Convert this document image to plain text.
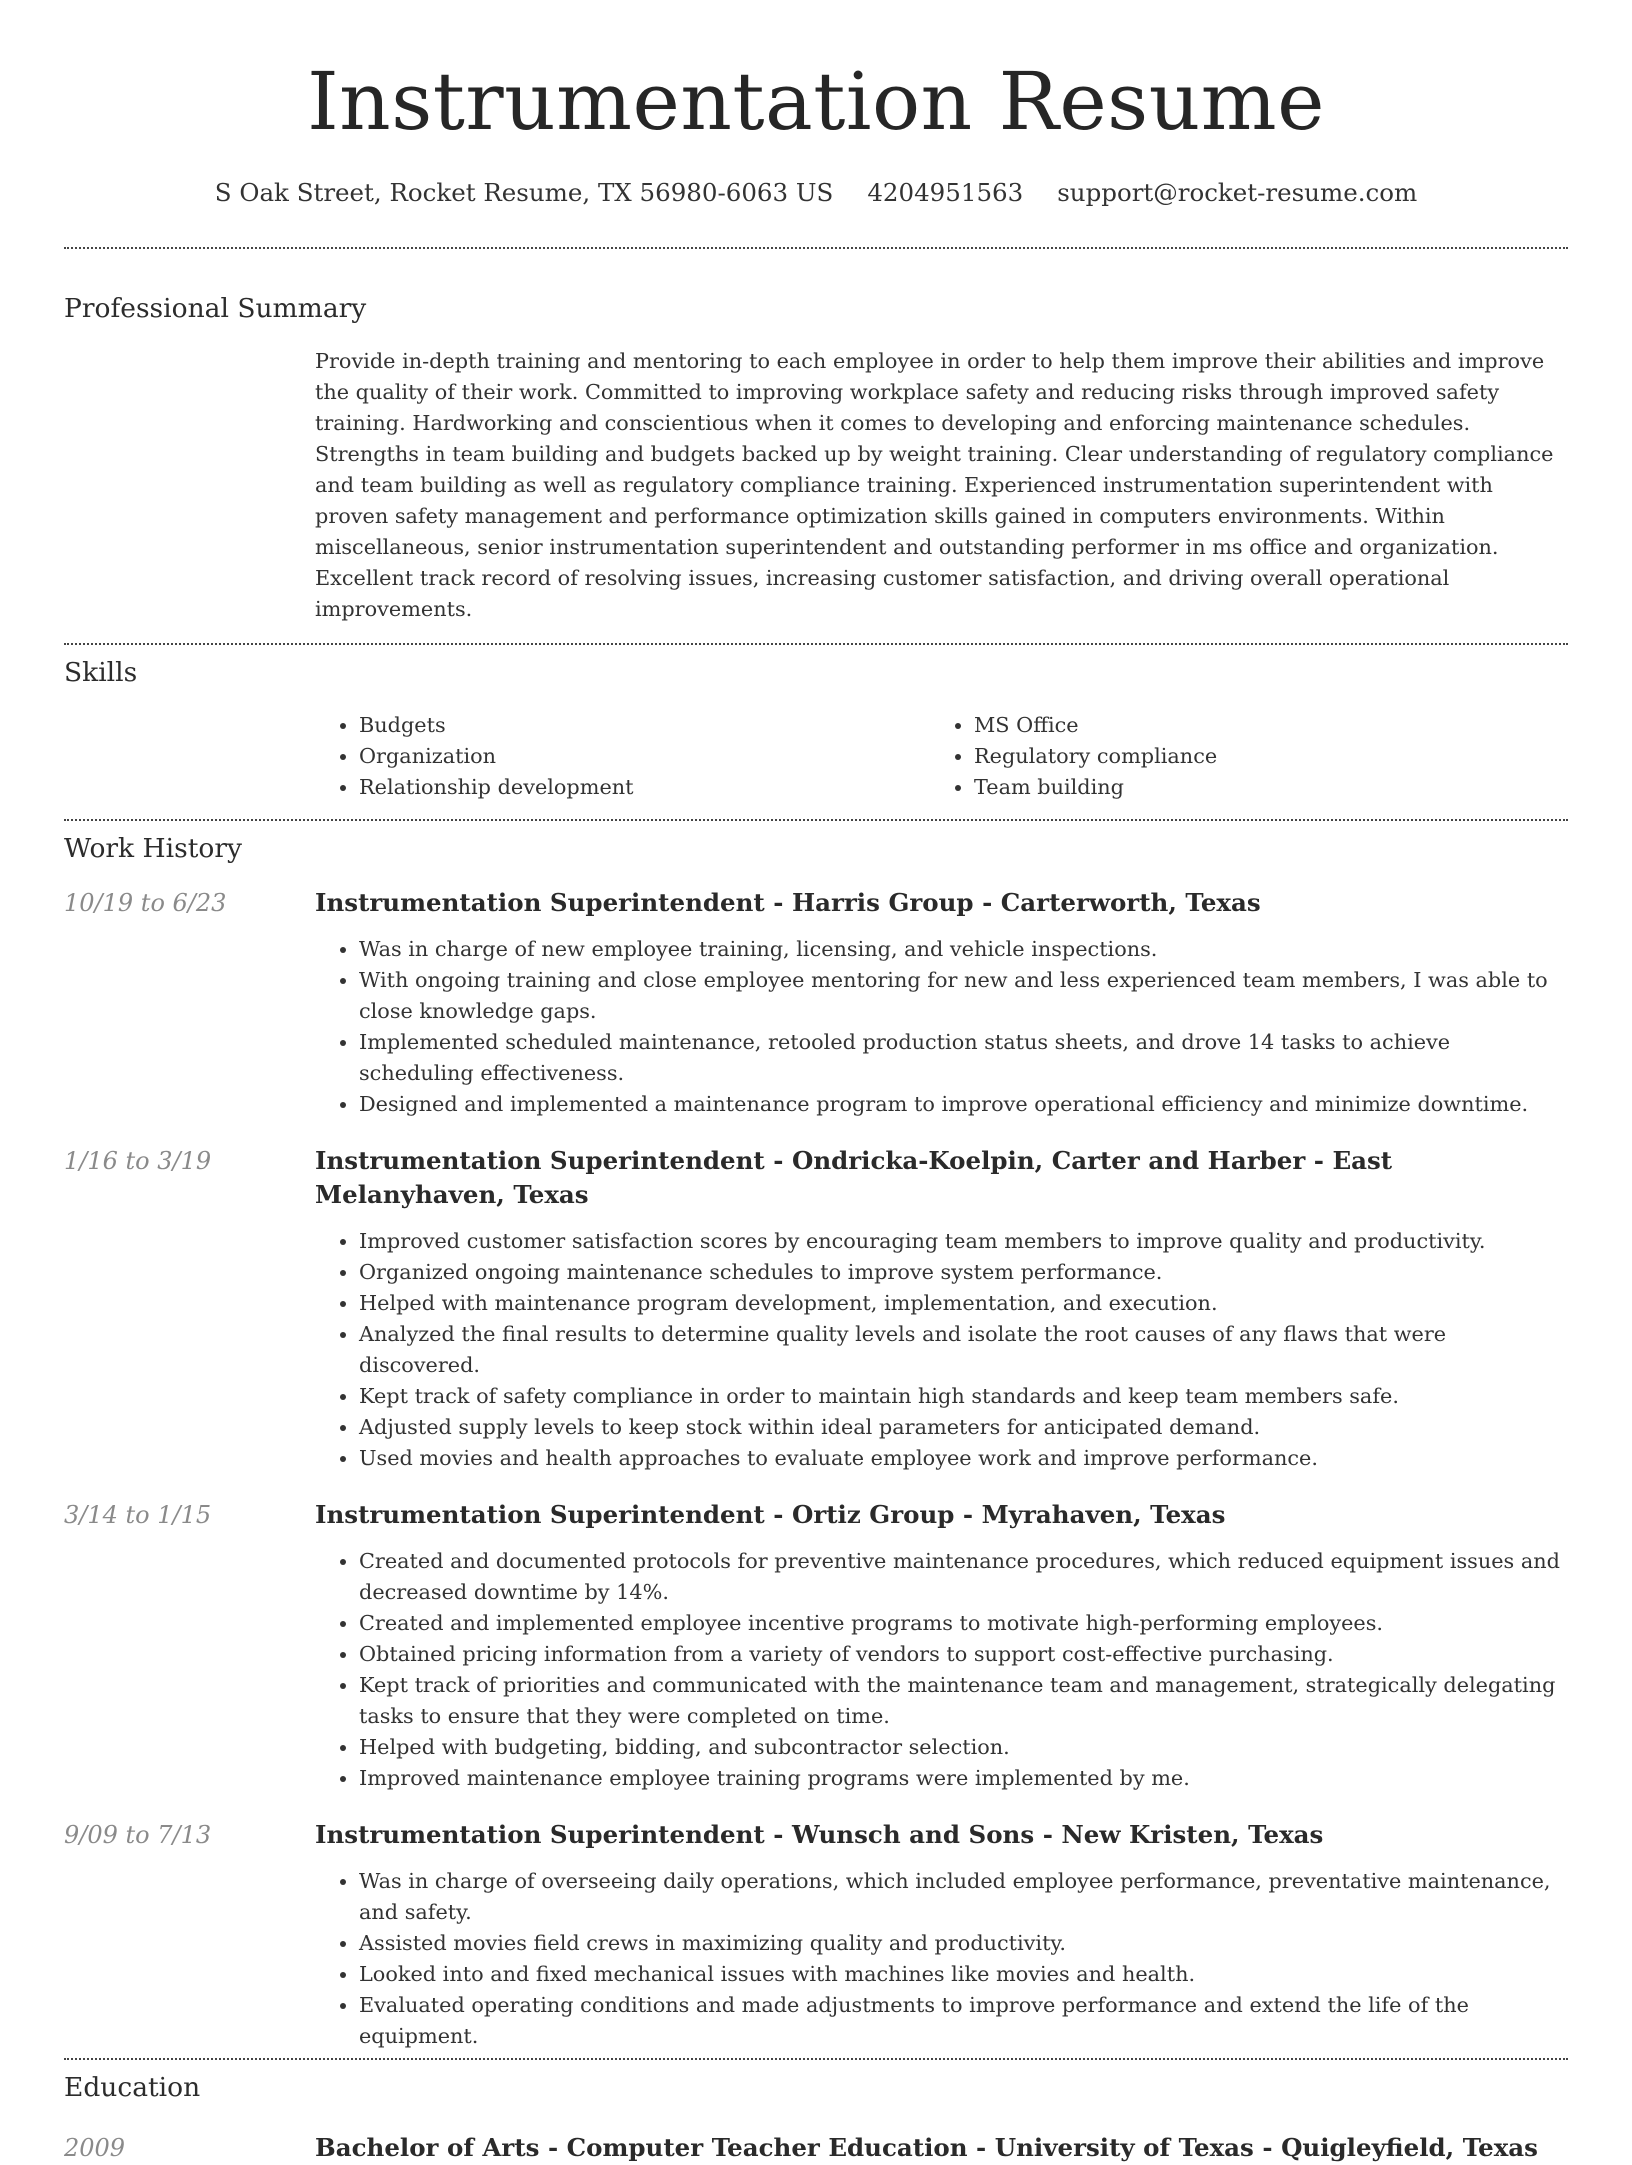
Instrumentation Resume
S Oak Street, Rocket Resume, TX 56980-6063 US 4204951563 support@rocket-resume.com
Professional Summary

Provide in-depth training and mentoring to each employee in order to help them improve their abilities and improve the quality of their work. Committed to improving workplace safety and reducing risks through improved safety training. Hardworking and conscientious when it comes to developing and enforcing maintenance schedules. Strengths in team building and budgets backed up by weight training. Clear understanding of regulatory compliance and team building as well as regulatory compliance training. Experienced instrumentation superintendent with proven safety management and performance optimization skills gained in computers environments. Within miscellaneous, senior instrumentation superintendent and outstanding performer in ms office and organization. Excellent track record of resolving issues, increasing customer satisfaction, and driving overall operational improvements.

Skills
• Budgets
• Organization
• Relationship development
• MS Office
• Regulatory compliance
• Team building
Work History
10/19 to 6/23	Instrumentation Superintendent - Harris Group - Carterworth, Texas
• Was in charge of new employee training, licensing, and vehicle inspections.
• With ongoing training and close employee mentoring for new and less experienced team members, I was able to close knowledge gaps.
• Implemented scheduled maintenance, retooled production status sheets, and drove 14 tasks to achieve scheduling effectiveness.
• Designed and implemented a maintenance program to improve operational efficiency and minimize downtime.
1/16 to 3/19	Instrumentation Superintendent - Ondricka-Koelpin, Carter and Harber - East Melanyhaven, Texas
• Improved customer satisfaction scores by encouraging team members to improve quality and productivity.
• Organized ongoing maintenance schedules to improve system performance.
• Helped with maintenance program development, implementation, and execution.
• Analyzed the final results to determine quality levels and isolate the root causes of any flaws that were discovered.
• Kept track of safety compliance in order to maintain high standards and keep team members safe.
• Adjusted supply levels to keep stock within ideal parameters for anticipated demand.
• Used movies and health approaches to evaluate employee work and improve performance.
3/14 to 1/15	Instrumentation Superintendent - Ortiz Group - Myrahaven, Texas
• Created and documented protocols for preventive maintenance procedures, which reduced equipment issues and decreased downtime by 14%.
• Created and implemented employee incentive programs to motivate high-performing employees.
• Obtained pricing information from a variety of vendors to support cost-effective purchasing.
• Kept track of priorities and communicated with the maintenance team and management, strategically delegating tasks to ensure that they were completed on time.
• Helped with budgeting, bidding, and subcontractor selection.
• Improved maintenance employee training programs were implemented by me.
9/09 to 7/13	Instrumentation Superintendent - Wunsch and Sons - New Kristen, Texas
• Was in charge of overseeing daily operations, which included employee performance, preventative maintenance, and safety.
• Assisted movies field crews in maximizing quality and productivity.
• Looked into and fixed mechanical issues with machines like movies and health.
• Evaluated operating conditions and made adjustments to improve performance and extend the life of the equipment.
Education
2009	Bachelor of Arts - Computer Teacher Education - University of Texas - Quigleyfield, Texas
